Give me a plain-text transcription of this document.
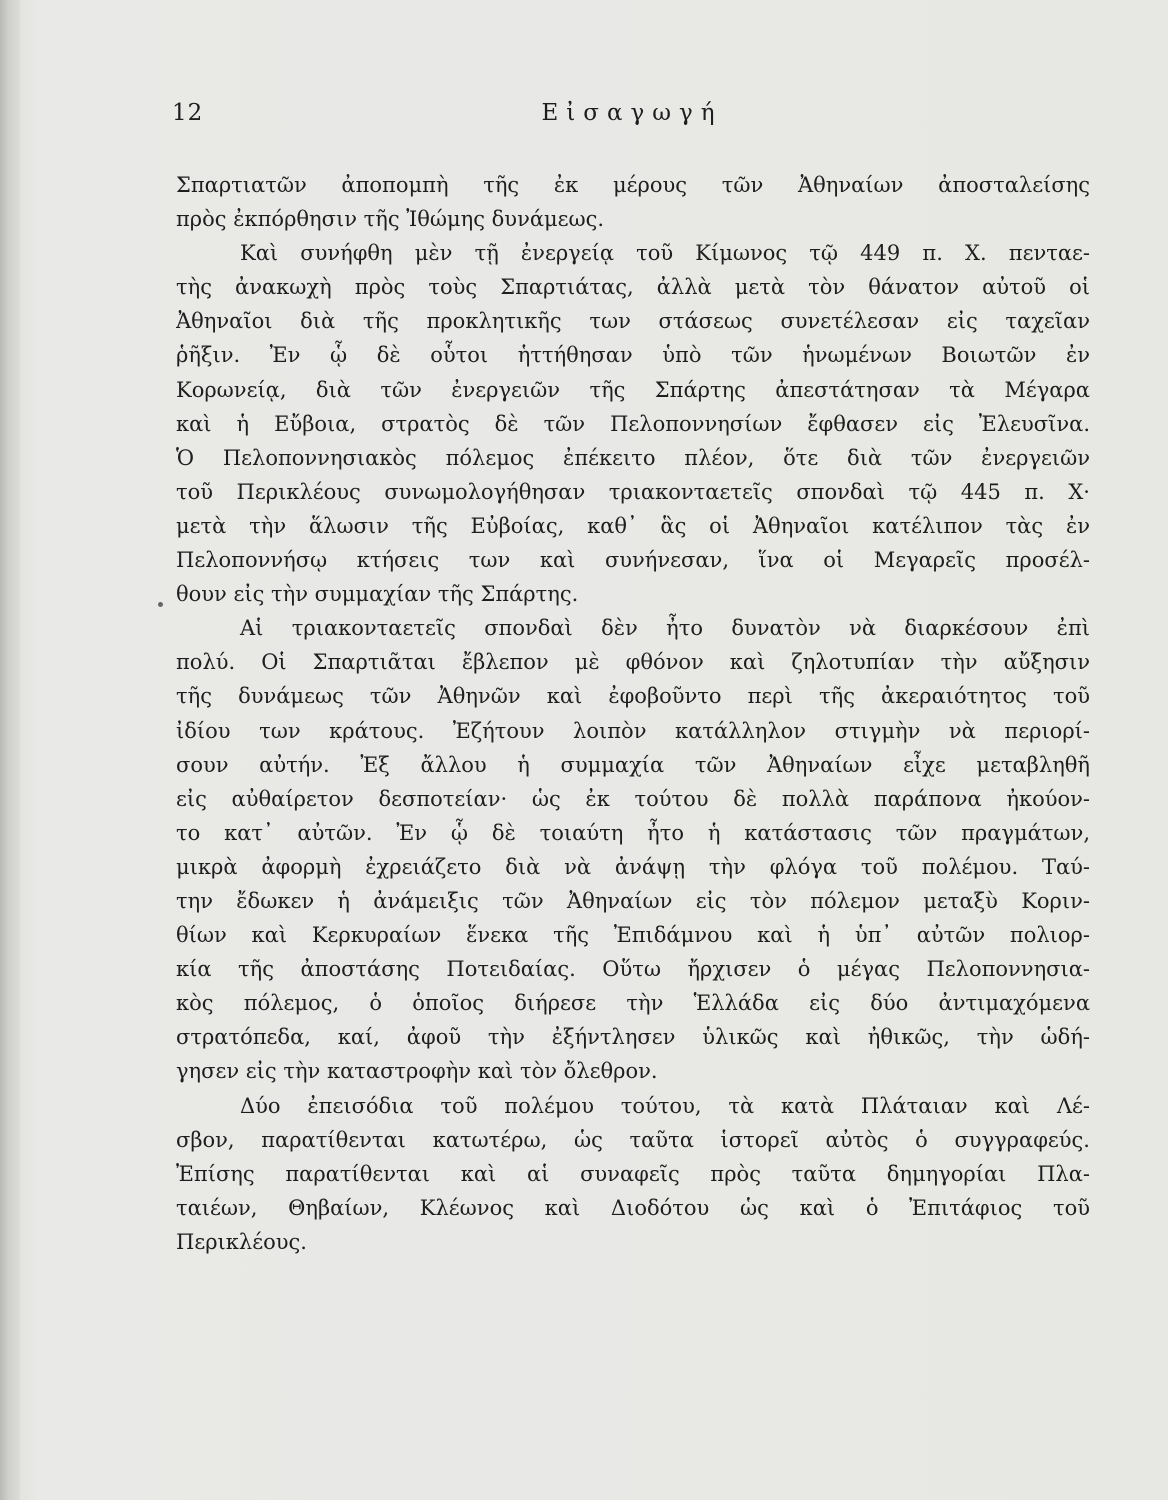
12	Εἰσαγωγή
Σπαρτιατῶν ἀποπομπὴ τῆς ἐκ μέρους τῶν Ἀθηναίων ἀποσταλείσης
πρὸς ἐκπόρθησιν τῆς Ἰθώμης δυνάμεως.
Καὶ συνήφθη μὲν τῇ ἐνεργείᾳ τοῦ Κίμωνος τῷ 449 π. Χ. πενταε-
τὴς ἀνακωχὴ πρὸς τοὺς Σπαρτιάτας, ἀλλὰ μετὰ τὸν θάνατον αὐτοῦ οἱ
Ἀθηναῖοι διὰ τῆς προκλητικῆς των στάσεως συνετέλεσαν εἰς ταχεῖαν
ῥῆξιν. Ἐν ᾧ δὲ οὗτοι ἡττήθησαν ὑπὸ τῶν ἡνωμένων Βοιωτῶν ἐν
Κορωνείᾳ, διὰ τῶν ἐνεργειῶν τῆς Σπάρτης ἀπεστάτησαν τὰ Μέγαρα
καὶ ἡ Εὔβοια, στρατὸς δὲ τῶν Πελοποννησίων ἔφθασεν εἰς Ἐλευσῖνα.
Ὁ Πελοποννησιακὸς πόλεμος ἐπέκειτο πλέον, ὅτε διὰ τῶν ἐνεργειῶν
τοῦ Περικλέους συνωμολογήθησαν τριακονταετεῖς σπονδαὶ τῷ 445 π. Χ·
μετὰ τὴν ἅλωσιν τῆς Εὐβοίας, καθ᾽ ἃς οἱ Ἀθηναῖοι κατέλιπον τὰς ἐν
Πελοποννήσῳ κτήσεις των καὶ συνήνεσαν, ἵνα οἱ Μεγαρεῖς προσέλ-
θουν εἰς τὴν συμμαχίαν τῆς Σπάρτης.
Αἱ τριακονταετεῖς σπονδαὶ δὲν ἦτο δυνατὸν νὰ διαρκέσουν ἐπὶ
πολύ. Οἱ Σπαρτιᾶται ἔβλεπον μὲ φθόνον καὶ ζηλοτυπίαν τὴν αὔξησιν
τῆς δυνάμεως τῶν Ἀθηνῶν καὶ ἐφοβοῦντο περὶ τῆς ἀκεραιότητος τοῦ
ἰδίου των κράτους. Ἐζήτουν λοιπὸν κατάλληλον στιγμὴν νὰ περιορί-
σουν αὐτήν. Ἐξ ἄλλου ἡ συμμαχία τῶν Ἀθηναίων εἶχε μεταβληθῆ
εἰς αὐθαίρετον δεσποτείαν· ὡς ἐκ τούτου δὲ πολλὰ παράπονα ἠκούον-
το κατ᾽ αὐτῶν. Ἐν ᾧ δὲ τοιαύτη ἦτο ἡ κατάστασις τῶν πραγμάτων,
μικρὰ ἀφορμὴ ἐχρειάζετο διὰ νὰ ἀνάψῃ τὴν φλόγα τοῦ πολέμου. Ταύ-
την ἔδωκεν ἡ ἀνάμειξις τῶν Ἀθηναίων εἰς τὸν πόλεμον μεταξὺ Κοριν-
θίων καὶ Κερκυραίων ἕνεκα τῆς Ἐπιδάμνου καὶ ἡ ὑπ᾽ αὐτῶν πολιορ-
κία τῆς ἀποστάσης Ποτειδαίας. Οὕτω ἤρχισεν ὁ μέγας Πελοποννησια-
κὸς πόλεμος, ὁ ὁποῖος διήρεσε τὴν Ἑλλάδα εἰς δύο ἀντιμαχόμενα
στρατόπεδα, καί, ἀφοῦ τὴν ἐξήντλησεν ὑλικῶς καὶ ἠθικῶς, τὴν ὡδή-
γησεν εἰς τὴν καταστροφὴν καὶ τὸν ὄλεθρον.
Δύο ἐπεισόδια τοῦ πολέμου τούτου, τὰ κατὰ Πλάταιαν καὶ Λέ-
σβον, παρατίθενται κατωτέρω, ὡς ταῦτα ἱστορεῖ αὐτὸς ὁ συγγραφεύς.
Ἐπίσης παρατίθενται καὶ αἱ συναφεῖς πρὸς ταῦτα δημηγορίαι Πλα-
ταιέων, Θηβαίων, Κλέωνος καὶ Διοδότου ὡς καὶ ὁ Ἐπιτάφιος τοῦ
Περικλέους.
